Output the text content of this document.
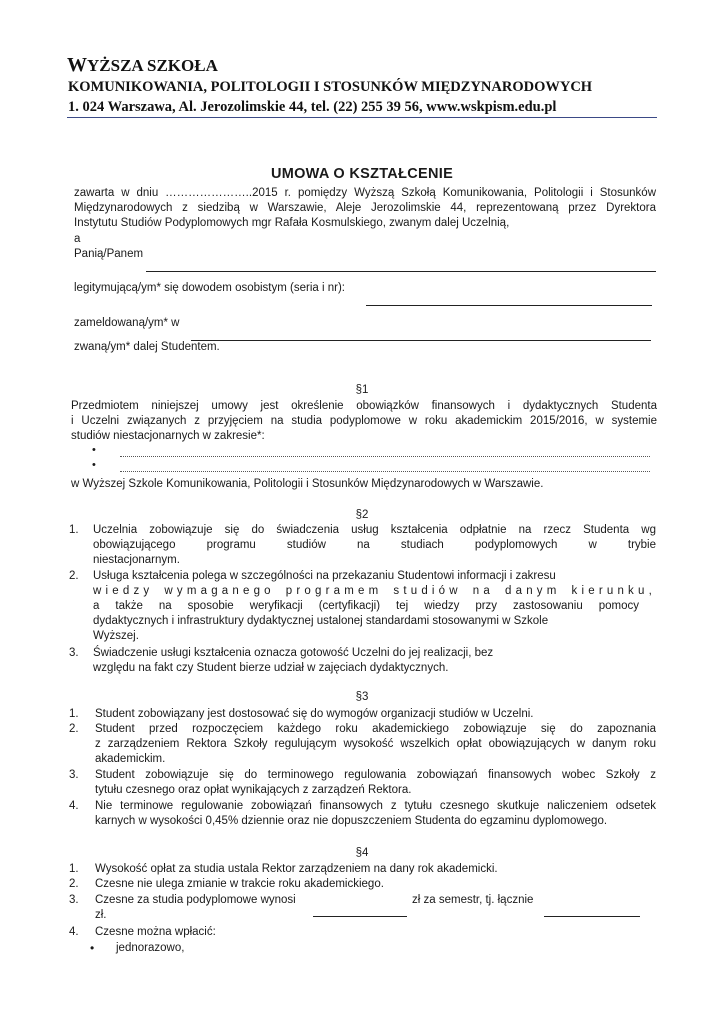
WYŻSZA SZKOŁA
KOMUNIKOWANIA, POLITOLOGII I STOSUNKÓW MIĘDZYNARODOWYCH
1. 024 Warszawa, Al. Jerozolimskie 44, tel. (22) 255 39 56, www.wskpism.edu.pl
UMOWA O KSZTAŁCENIE
zawarta w dniu …………………..2015 r. pomiędzy Wyższą Szkołą Komunikowania, Politologii i Stosunków
Międzynarodowych z siedzibą w Warszawie, Aleje Jerozolimskie 44, reprezentowaną przez Dyrektora
Instytutu Studiów Podyplomowych mgr Rafała Kosmulskiego, zwanym dalej Uczelnią,
a
Panią/Panem
legitymującą/ym* się dowodem osobistym (seria i nr):
zameldowaną/ym* w
zwaną/ym* dalej Studentem.
§1
Przedmiotem niniejszej umowy jest określenie obowiązków finansowych i dydaktycznych Studenta
i Uczelni związanych z przyjęciem na studia podyplomowe w roku akademickim 2015/2016, w systemie
studiów niestacjonarnych w zakresie*:
•
•
w Wyższej Szkole Komunikowania, Politologii i Stosunków Międzynarodowych w Warszawie.
§2
1. Uczelnia zobowiązuje się do świadczenia usług kształcenia odpłatnie na rzecz Studenta wg
obowiązującego programu studiów na studiach podyplomowych w trybie
niestacjonarnym.
2. Usługa kształcenia polega w szczególności na przekazaniu Studentowi informacji i zakresu
wiedzy wymaganego programem studiów na danym kierunku,
a także na sposobie weryfikacji (certyfikacji) tej wiedzy przy zastosowaniu pomocy
dydaktycznych i infrastruktury dydaktycznej ustalonej standardami stosowanymi w Szkole
Wyższej.
3. Świadczenie usługi kształcenia oznacza gotowość Uczelni do jej realizacji, bez
względu na fakt czy Student bierze udział w zajęciach dydaktycznych.
§3
1. Student zobowiązany jest dostosować się do wymogów organizacji studiów w Uczelni.
2. Student przed rozpoczęciem każdego roku akademickiego zobowiązuje się do zapoznania
z zarządzeniem Rektora Szkoły regulującym wysokość wszelkich opłat obowiązujących w danym roku
akademickim.
3. Student zobowiązuje się do terminowego regulowania zobowiązań finansowych wobec Szkoły z
tytułu czesnego oraz opłat wynikających z zarządzeń Rektora.
4. Nie terminowe regulowanie zobowiązań finansowych z tytułu czesnego skutkuje naliczeniem odsetek
karnych w wysokości 0,45% dziennie oraz nie dopuszczeniem Studenta do egzaminu dyplomowego.
§4
1. Wysokość opłat za studia ustala Rektor zarządzeniem na dany rok akademicki.
2. Czesne nie ulega zmianie w trakcie roku akademickiego.
3. Czesne za studia podyplomowe wynosi	zł za semestr, tj. łącznie
zł.
4. Czesne można wpłacić:
• jednorazowo,
